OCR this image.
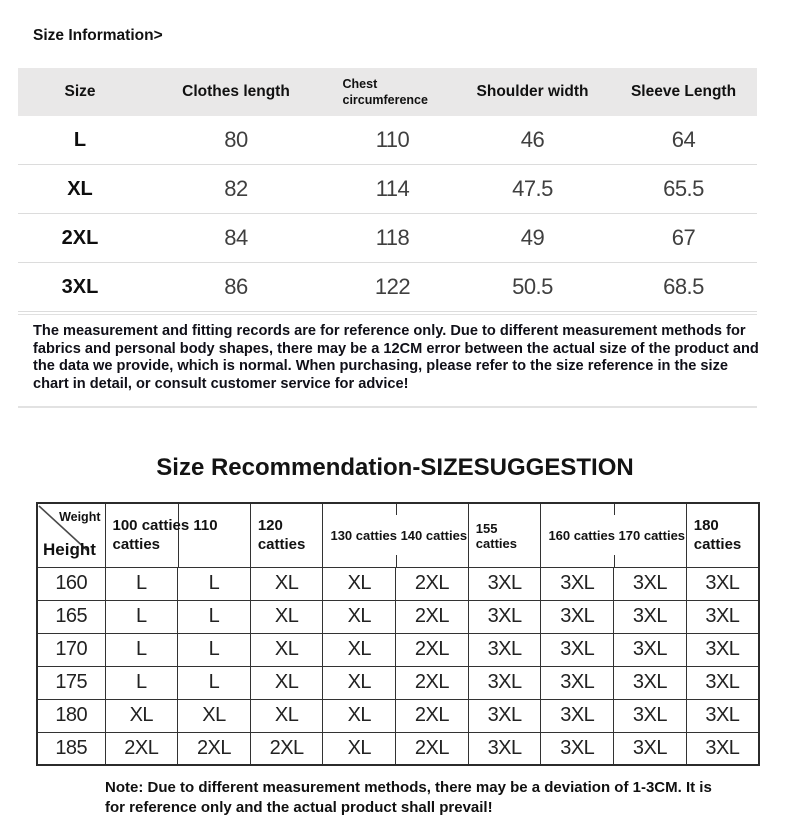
Size Information>
Size	Clothes length	Chest circumference	Shoulder width	Sleeve Length
L	80	110	46	64
XL	82	114	47.5	65.5
2XL	84	118	49	67
3XL	86	122	50.5	68.5
The measurement and fitting records are for reference only. Due to different measurement methods for fabrics and personal body shapes, there may be a 12CM error between the actual size of the product and the data we provide, which is normal. When purchasing, please refer to the size reference in the size chart in detail, or consult customer service for advice!
Size Recommendation-SIZESUGGESTION
Weight
Height	100 catties 110 catties		120 catties	130 catties 140 catties		155 catties	160 catties 170 catties		180 catties
160	L	L	XL	XL	2XL	3XL	3XL	3XL	3XL
165	L	L	XL	XL	2XL	3XL	3XL	3XL	3XL
170	L	L	XL	XL	2XL	3XL	3XL	3XL	3XL
175	L	L	XL	XL	2XL	3XL	3XL	3XL	3XL
180	XL	XL	XL	XL	2XL	3XL	3XL	3XL	3XL
185	2XL	2XL	2XL	XL	2XL	3XL	3XL	3XL	3XL
Note: Due to different measurement methods, there may be a deviation of 1-3CM. It is for reference only and the actual product shall prevail!
